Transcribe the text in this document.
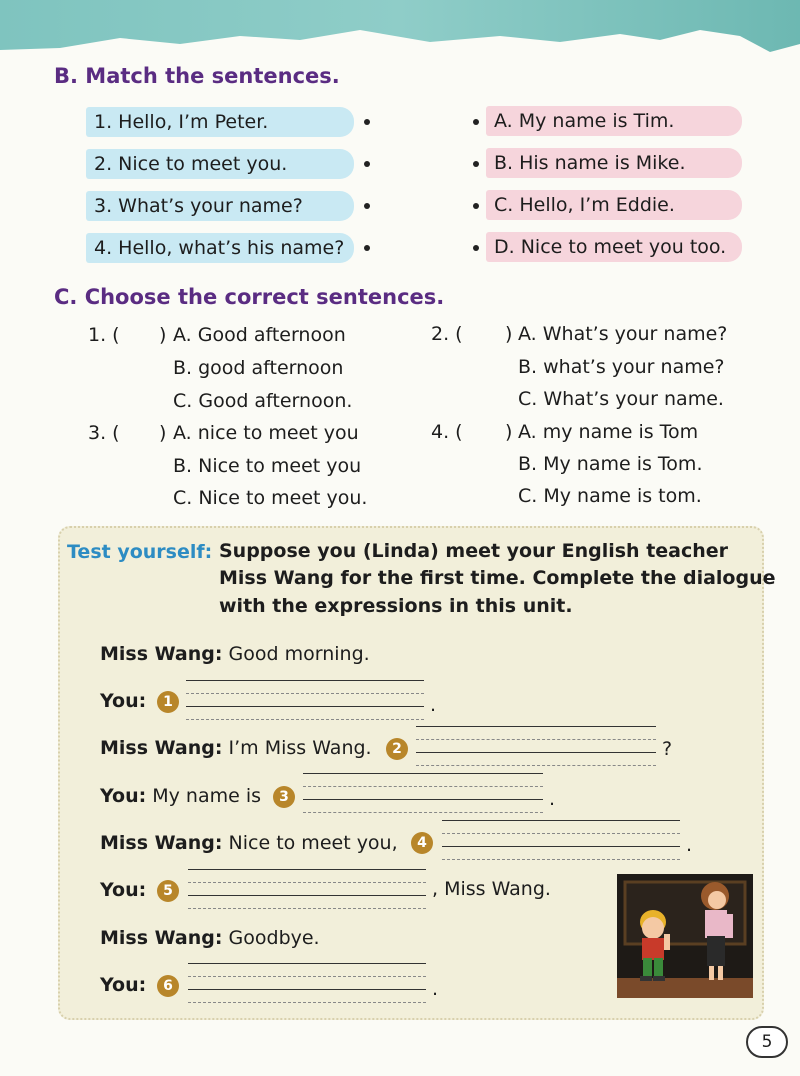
B. Match the sentences.
1. Hello, I’m Peter.
2. Nice to meet you.
3. What’s your name?
4. Hello, what’s his name?
A. My name is Tim.
B. His name is Mike.
C. Hello, I’m Eddie.
D. Nice to meet you too.
C. Choose the correct sentences.
1. ( ) A. Good afternoon
B. good afternoon
C. Good afternoon.
2. ( ) A. What’s your name?
B. what’s your name?
C. What’s your name.
3. ( ) A. nice to meet you
B. Nice to meet you
C. Nice to meet you.
4. ( ) A. my name is Tom
B. My name is Tom.
C. My name is tom.
Test yourself: Suppose you (Linda) meet your English teacher
Miss Wang for the first time. Complete the dialogue
with the expressions in this unit.
Miss Wang: Good morning.
You:	1	.
Miss Wang: I’m Miss Wang.	2	?
You: My name is	3	.
Miss Wang: Nice to meet you,	4	.
You:	5	, Miss Wang.
Miss Wang: Goodbye.
You:	6	.
5
